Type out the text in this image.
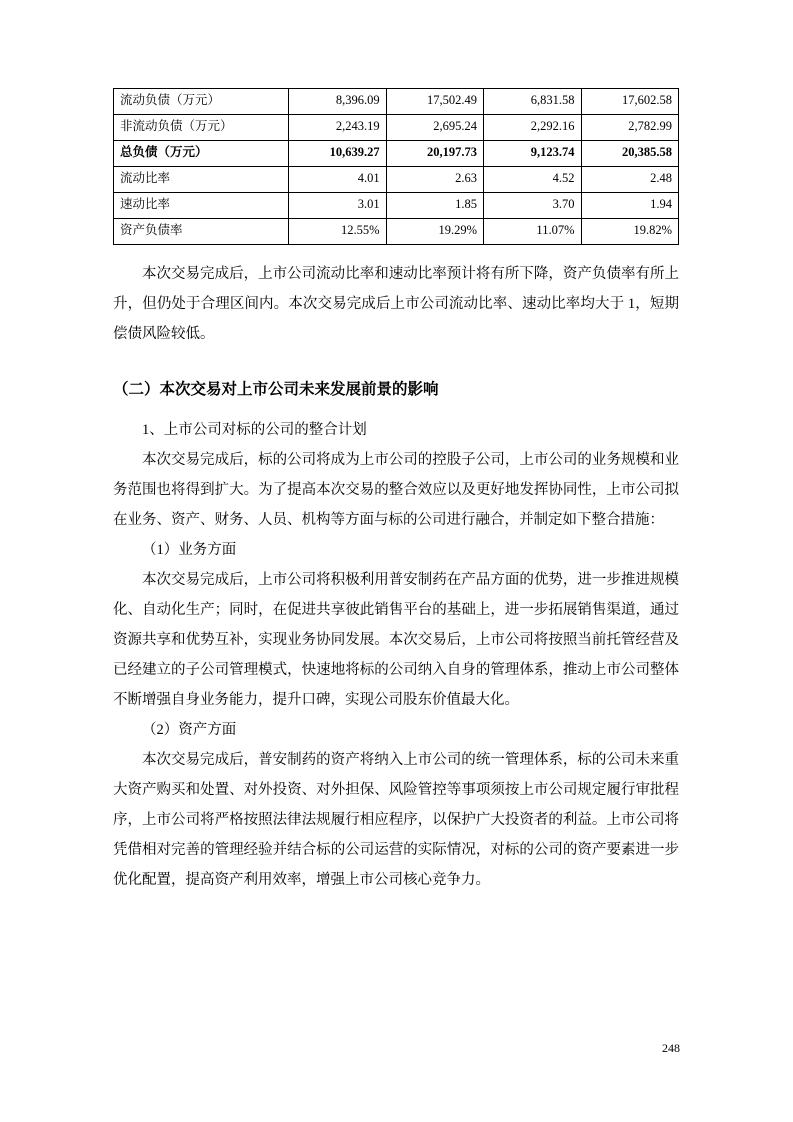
流动负债（万元）	8,396.09	17,502.49	6,831.58	17,602.58
非流动负债（万元）	2,243.19	2,695.24	2,292.16	2,782.99
总负债（万元）	10,639.27	20,197.73	9,123.74	20,385.58
流动比率	4.01	2.63	4.52	2.48
速动比率	3.01	1.85	3.70	1.94
资产负债率	12.55%	19.29%	11.07%	19.82%

本次交易完成后，上市公司流动比率和速动比率预计将有所下降，资产负债率有所上升，但仍处于合理区间内。本次交易完成后上市公司流动比率、速动比率均大于 1，短期偿债风险较低。

（二）本次交易对上市公司未来发展前景的影响

1、上市公司对标的公司的整合计划

本次交易完成后，标的公司将成为上市公司的控股子公司，上市公司的业务规模和业务范围也将得到扩大。为了提高本次交易的整合效应以及更好地发挥协同性，上市公司拟在业务、资产、财务、人员、机构等方面与标的公司进行融合，并制定如下整合措施：

（1）业务方面

本次交易完成后，上市公司将积极利用普安制药在产品方面的优势，进一步推进规模化、自动化生产；同时，在促进共享彼此销售平台的基础上，进一步拓展销售渠道，通过资源共享和优势互补，实现业务协同发展。本次交易后，上市公司将按照当前托管经营及已经建立的子公司管理模式，快速地将标的公司纳入自身的管理体系，推动上市公司整体不断增强自身业务能力，提升口碑，实现公司股东价值最大化。

（2）资产方面

本次交易完成后，普安制药的资产将纳入上市公司的统一管理体系，标的公司未来重大资产购买和处置、对外投资、对外担保、风险管控等事项须按上市公司规定履行审批程序，上市公司将严格按照法律法规履行相应程序，以保护广大投资者的利益。上市公司将凭借相对完善的管理经验并结合标的公司运营的实际情况，对标的公司的资产要素进一步优化配置，提高资产利用效率，增强上市公司核心竞争力。

248
